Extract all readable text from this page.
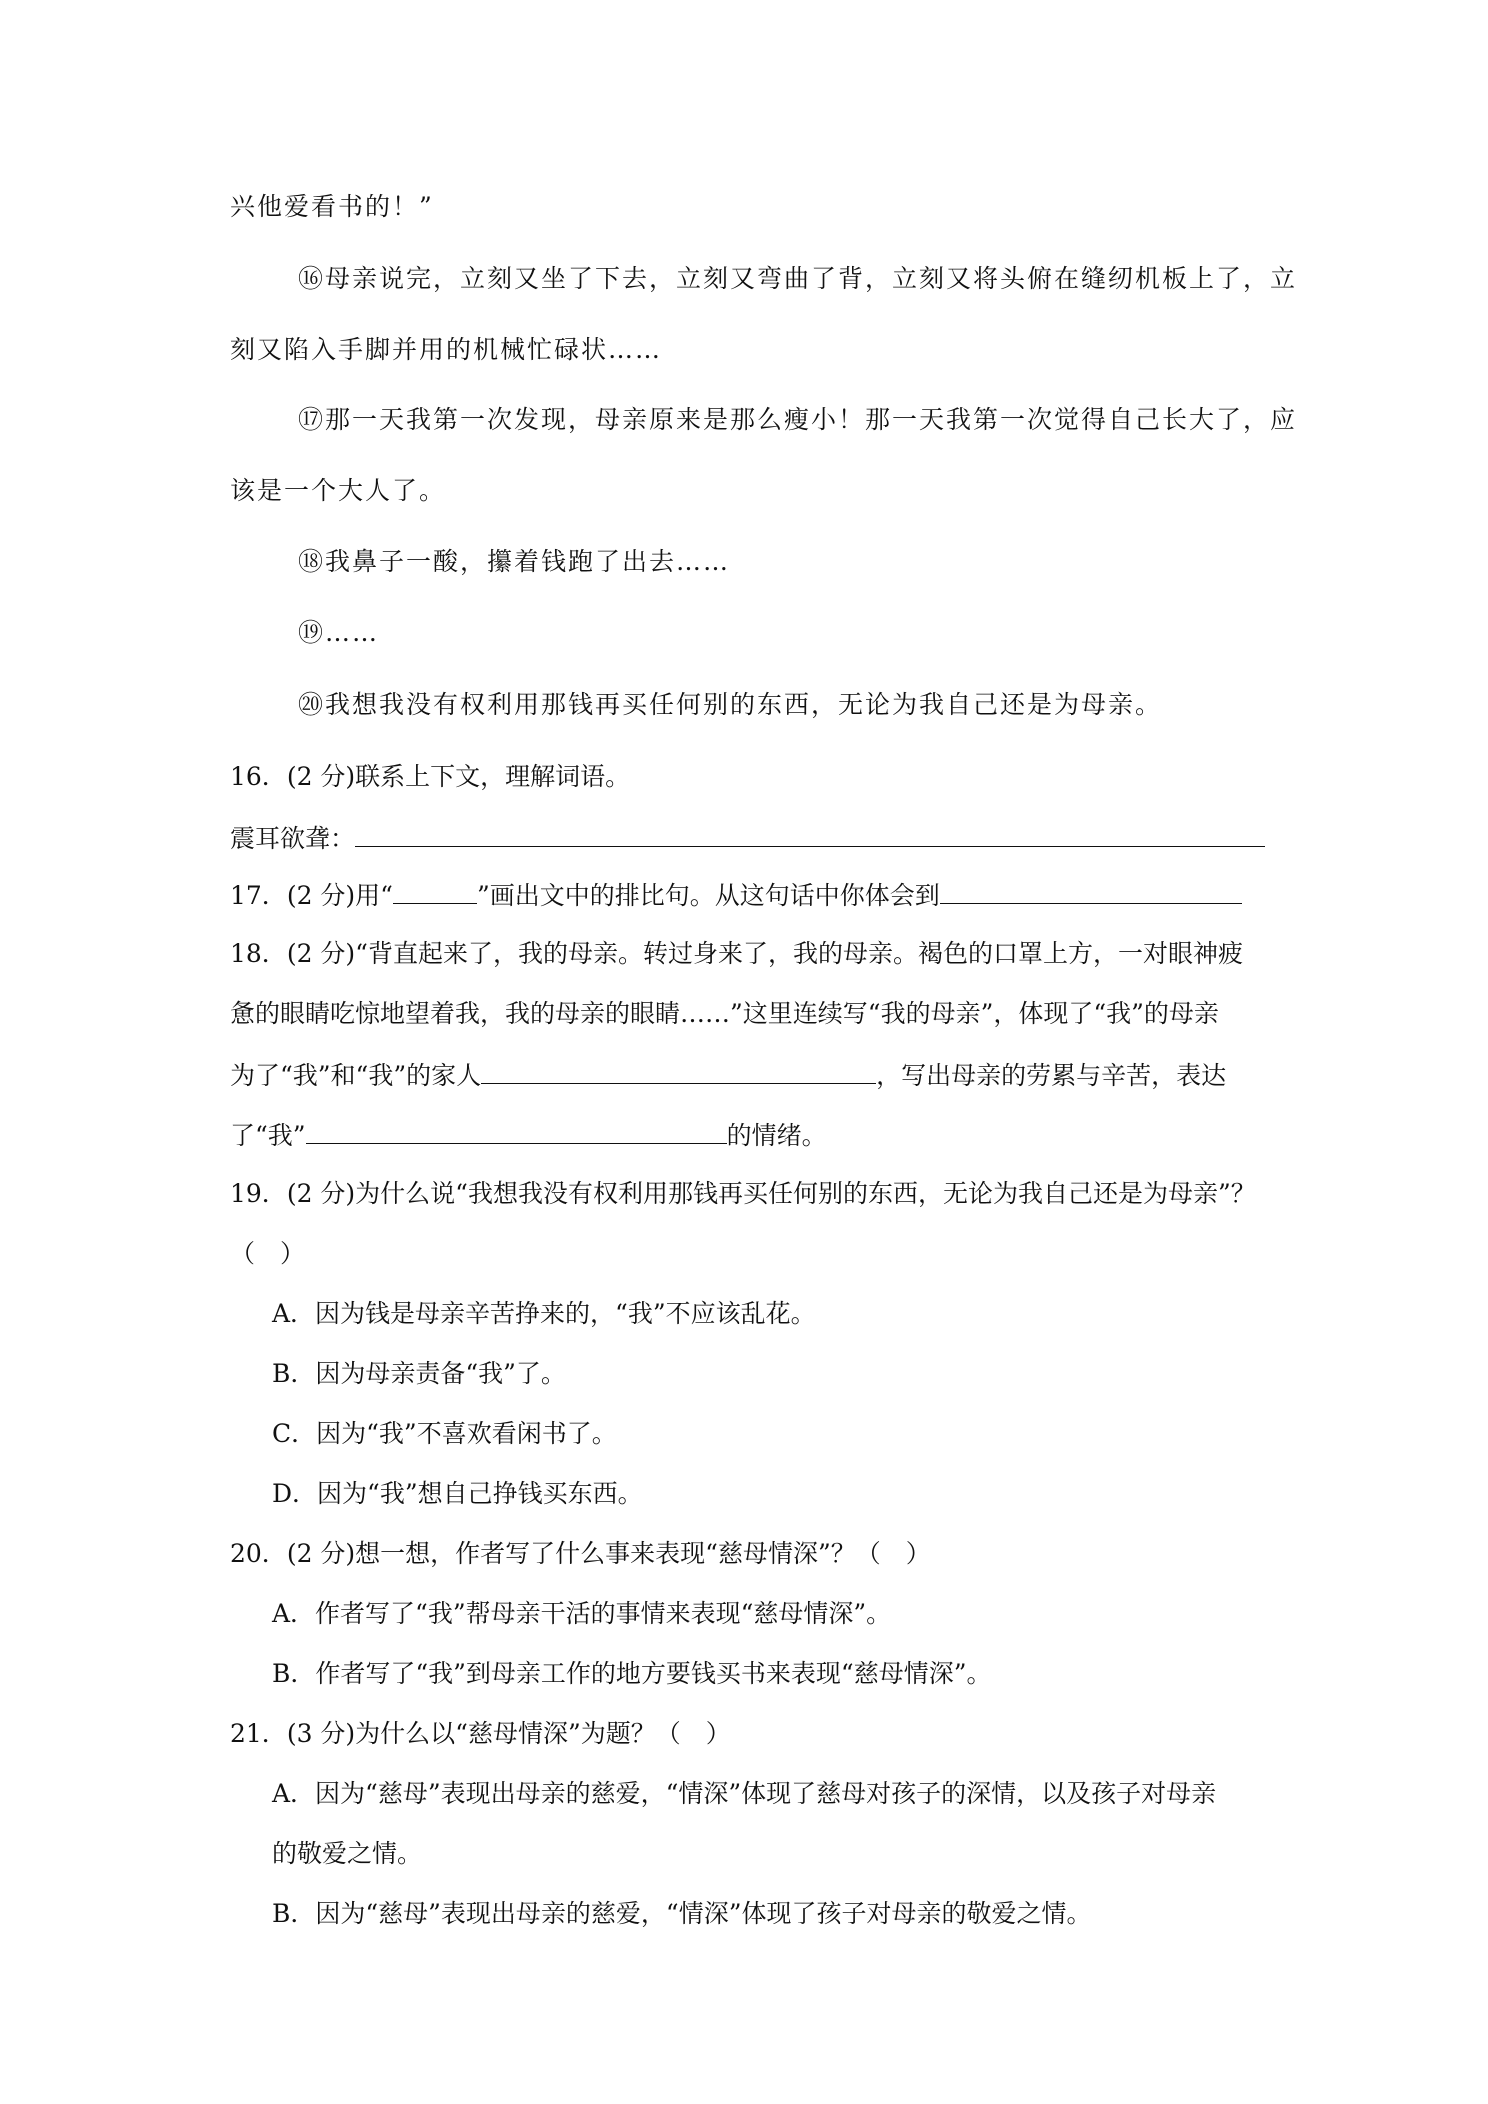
兴他爱看书的！”
⑯母亲说完，立刻又坐了下去，立刻又弯曲了背，立刻又将头俯在缝纫机板上了，立
刻又陷入手脚并用的机械忙碌状……
⑰那一天我第一次发现，母亲原来是那么瘦小！那一天我第一次觉得自己长大了，应
该是一个大人了。
⑱我鼻子一酸，攥着钱跑了出去……
⑲……
⑳我想我没有权利用那钱再买任何别的东西，无论为我自己还是为母亲。
16．(2 分)联系上下文，理解词语。
震耳欲聋：
17．(2 分)用“	”画出文中的排比句。从这句话中你体会到
18．(2 分)“背直起来了，我的母亲。转过身来了，我的母亲。褐色的口罩上方，一对眼神疲
惫的眼睛吃惊地望着我，我的母亲的眼睛……”这里连续写“我的母亲”，体现了“我”的母亲
为了“我”和“我”的家人	，写出母亲的劳累与辛苦，表达
了“我”	的情绪。
19．(2 分)为什么说“我想我没有权利用那钱再买任何别的东西，无论为我自己还是为母亲”？
（　）
A．因为钱是母亲辛苦挣来的，“我”不应该乱花。
B．因为母亲责备“我”了。
C．因为“我”不喜欢看闲书了。
D．因为“我”想自己挣钱买东西。
20．(2 分)想一想，作者写了什么事来表现“慈母情深”？（　）
A．作者写了“我”帮母亲干活的事情来表现“慈母情深”。
B．作者写了“我”到母亲工作的地方要钱买书来表现“慈母情深”。
21．(3 分)为什么以“慈母情深”为题？（　）
A．因为“慈母”表现出母亲的慈爱，“情深”体现了慈母对孩子的深情，以及孩子对母亲
的敬爱之情。
B．因为“慈母”表现出母亲的慈爱，“情深”体现了孩子对母亲的敬爱之情。
